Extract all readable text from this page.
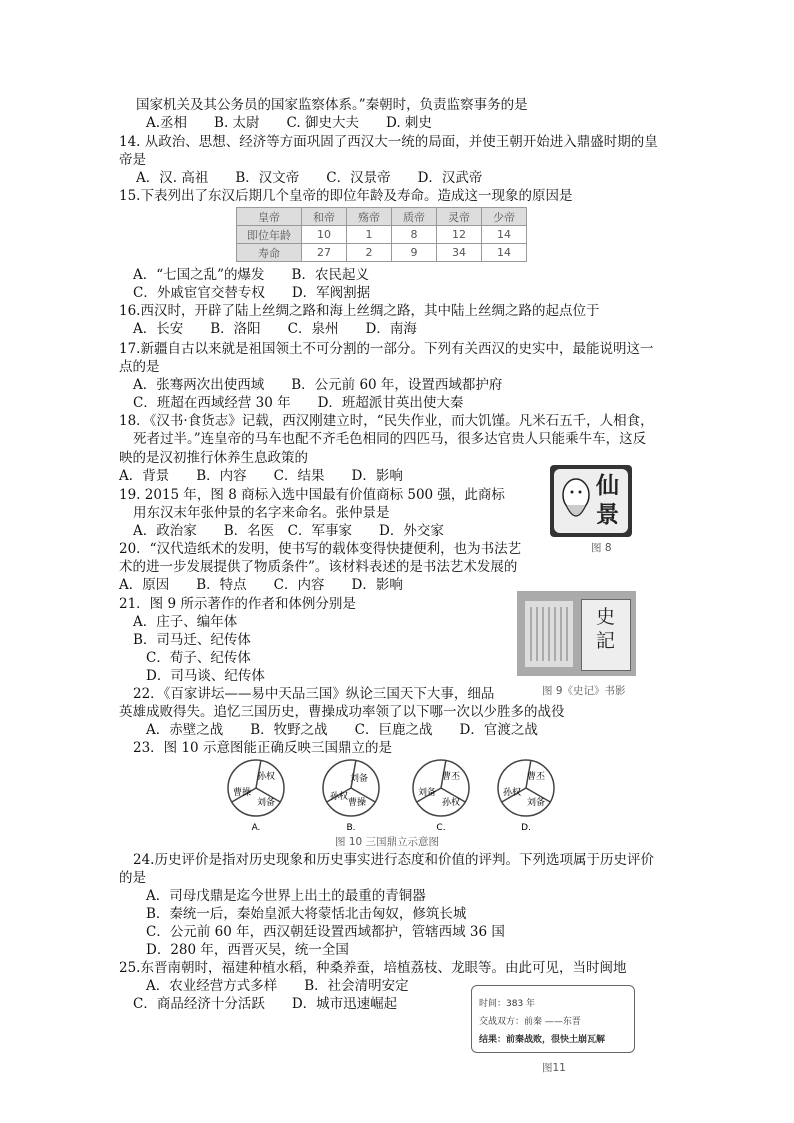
国家机关及其公务员的国家监察体系。”秦朝时，负责监察事务的是
A.丞相　　B. 太尉　　C. 御史大夫　　D. 刺史
14. 从政治、思想、经济等方面巩固了西汉大一统的局面，并使王朝开始进入鼎盛时期的皇
帝是
A．汉. 高祖　　B．汉文帝　　C．汉景帝　　D．汉武帝
15.下表列出了东汉后期几个皇帝的即位年龄及寿命。造成这一现象的原因是
皇帝	和帝	殇帝	质帝	灵帝	少帝
即位年龄	10	1	8	12	14
寿命	27	2	9	34	14
A．“七国之乱”的爆发　　B．农民起义
C．外戚宦官交替专权　　D．军阀割据
16.西汉时，开辟了陆上丝绸之路和海上丝绸之路，其中陆上丝绸之路的起点位于
A．长安　　B．洛阳　　C．泉州　　D．南海
17.新疆自古以来就是祖国领土不可分割的一部分。下列有关西汉的史实中，最能说明这一
点的是
A．张骞两次出使西域　　B．公元前 60 年，设置西域都护府
C．班超在西域经营 30 年　　D．班超派甘英出使大秦
18．《汉书·食货志》记载，西汉刚建立时，“民失作业，而大饥馑。凡米石五千，人相食，
死者过半。”连皇帝的马车也配不齐毛色相同的四匹马，很多达官贵人只能乘牛车，这反
映的是汉初推行休养生息政策的
A．背景　　B．内容　　C．结果　　D．影响
19. 2015 年，图 8 商标入选中国最有价值商标 500 强，此商标
用东汉末年张仲景的名字来命名。张仲景是
A．政治家　　B．名医　C．军事家　　D．外交家
20．“汉代造纸术的发明，使书写的载体变得快捷便利，也为书法艺
术的进一步发展提供了物质条件”。该材料表述的是书法艺术发展的
A．原因　　B．特点　　C．内容　　D．影响
21．图 9 所示著作的作者和体例分别是
A．庄子、编年体
B．司马迁、纪传体
C．荀子、纪传体
D．司马谈、纪传体
22．《百家讲坛——易中天品三国》纵论三国天下大事，细品
英雄成败得失。追忆三国历史，曹操成功率领了以下哪一次以少胜多的战役
A．赤壁之战　　B．牧野之战　　C．巨鹿之战　　D．官渡之战
23．图 10 示意图能正确反映三国鼎立的是
24.历史评价是指对历史现象和历史事实进行态度和价值的评判。下列选项属于历史评价
的是
A．司母戊鼎是迄今世界上出土的最重的青铜器
B．秦统一后，秦始皇派大将蒙恬北击匈奴，修筑长城
C．公元前 60 年，西汉朝廷设置西域都护，管辖西域 36 国
D．280 年，西晋灭吴，统一全国
25.东晋南朝时，福建种植水稻，种桑养蚕，培植荔枝、龙眼等。由此可见，当时闽地
A．农业经营方式多样　　B．社会清明安定
C．商品经济十分活跃　　D．城市迅速崛起
仙景
图 8
史記
图 9《史记》书影
孙权
曹操
刘备
A.
刘备
孙权
曹操
B.
曹丕
刘备
孙权
C.
曹丕
孙权
刘备
D.
图 10 三国鼎立示意图
时间：383 年
交战双方：前秦 ——东晋
结果：前秦战败，很快土崩瓦解
图11
